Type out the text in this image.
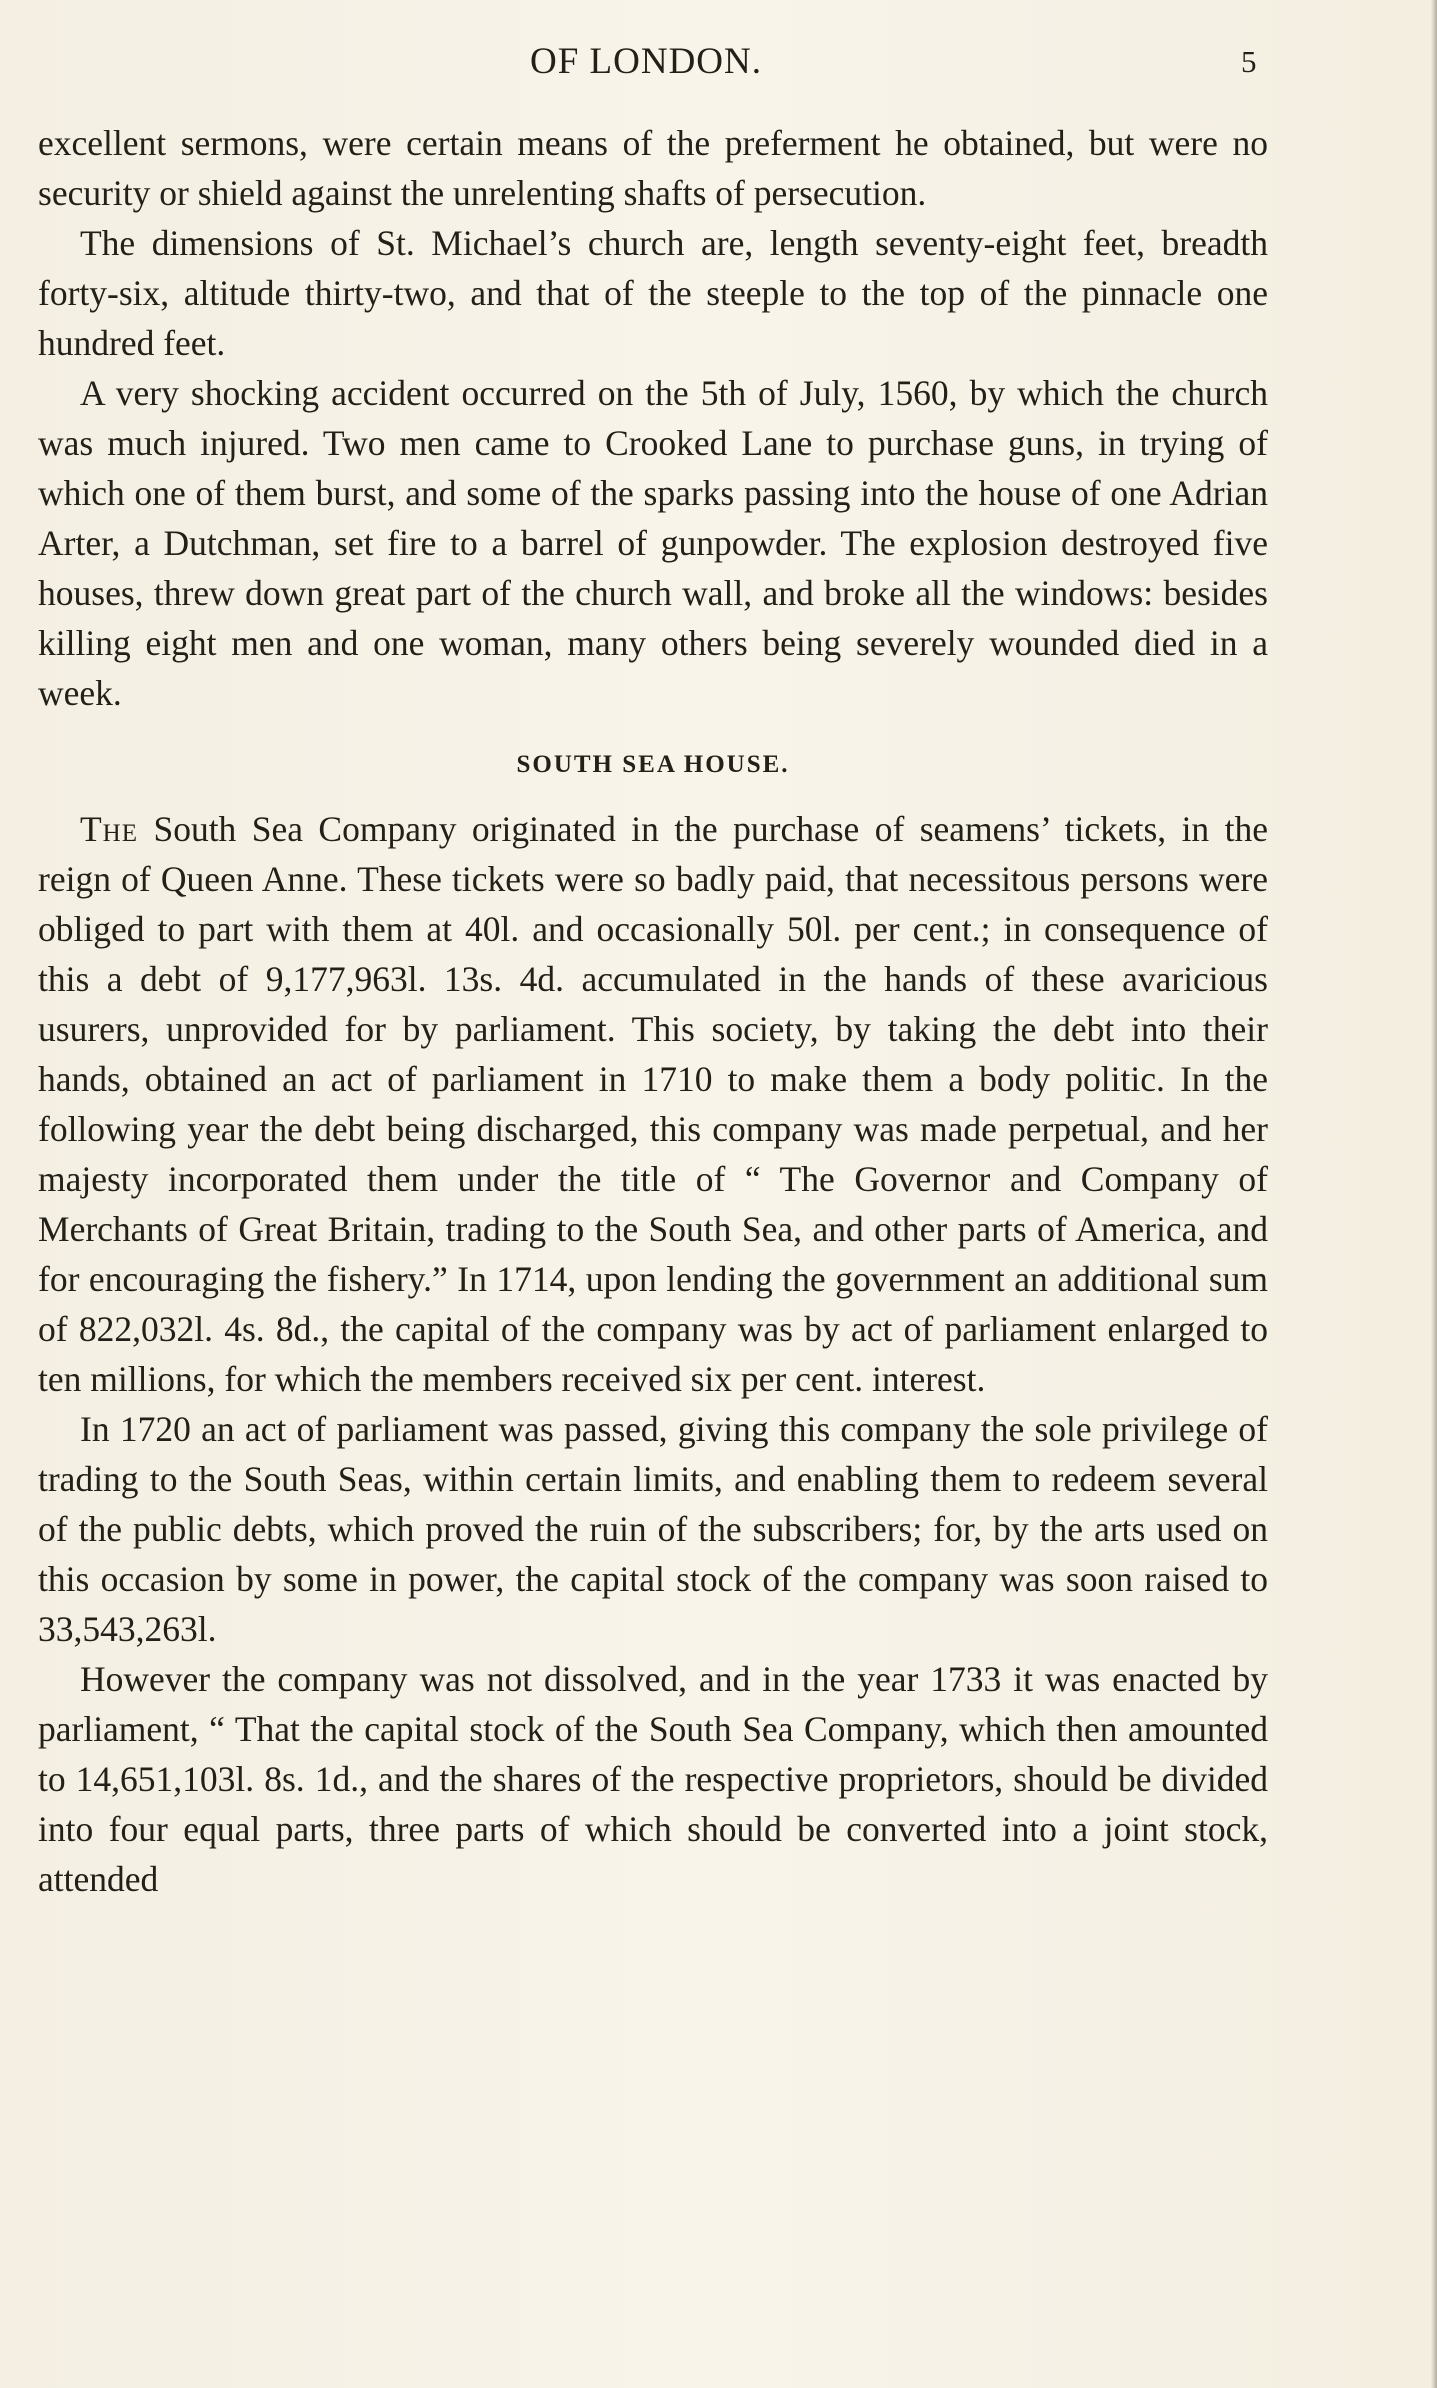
OF LONDON.	5

excellent sermons, were certain means of the preferment he obtained, but were no security or shield against the unrelenting shafts of persecution.

The dimensions of St. Michael’s church are, length seventy-eight feet, breadth forty-six, altitude thirty-two, and that of the steeple to the top of the pinnacle one hundred feet.

A very shocking accident occurred on the 5th of July, 1560, by which the church was much injured. Two men came to Crooked Lane to purchase guns, in trying of which one of them burst, and some of the sparks passing into the house of one Adrian Arter, a Dutchman, set fire to a barrel of gunpowder. The explosion destroyed five houses, threw down great part of the church wall, and broke all the windows: besides killing eight men and one woman, many others being severely wounded died in a week.

SOUTH SEA HOUSE.

The South Sea Company originated in the purchase of seamens’ tickets, in the reign of Queen Anne. These tickets were so badly paid, that necessitous persons were obliged to part with them at 40l. and occasionally 50l. per cent.; in consequence of this a debt of 9,177,963l. 13s. 4d. accumulated in the hands of these avaricious usurers, unprovided for by parliament. This society, by taking the debt into their hands, obtained an act of parliament in 1710 to make them a body politic. In the following year the debt being discharged, this company was made perpetual, and her majesty incorporated them under the title of “ The Governor and Company of Merchants of Great Britain, trading to the South Sea, and other parts of America, and for encouraging the fishery.” In 1714, upon lending the government an additional sum of 822,032l. 4s. 8d., the capital of the company was by act of parliament enlarged to ten millions, for which the members received six per cent. interest.

In 1720 an act of parliament was passed, giving this company the sole privilege of trading to the South Seas, within certain limits, and enabling them to redeem several of the public debts, which proved the ruin of the subscribers; for, by the arts used on this occasion by some in power, the capital stock of the company was soon raised to 33,543,263l.

However the company was not dissolved, and in the year 1733 it was enacted by parliament, “ That the capital stock of the South Sea Company, which then amounted to 14,651,103l. 8s. 1d., and the shares of the respective proprietors, should be divided into four equal parts, three parts of which should be converted into a joint stock, attended
